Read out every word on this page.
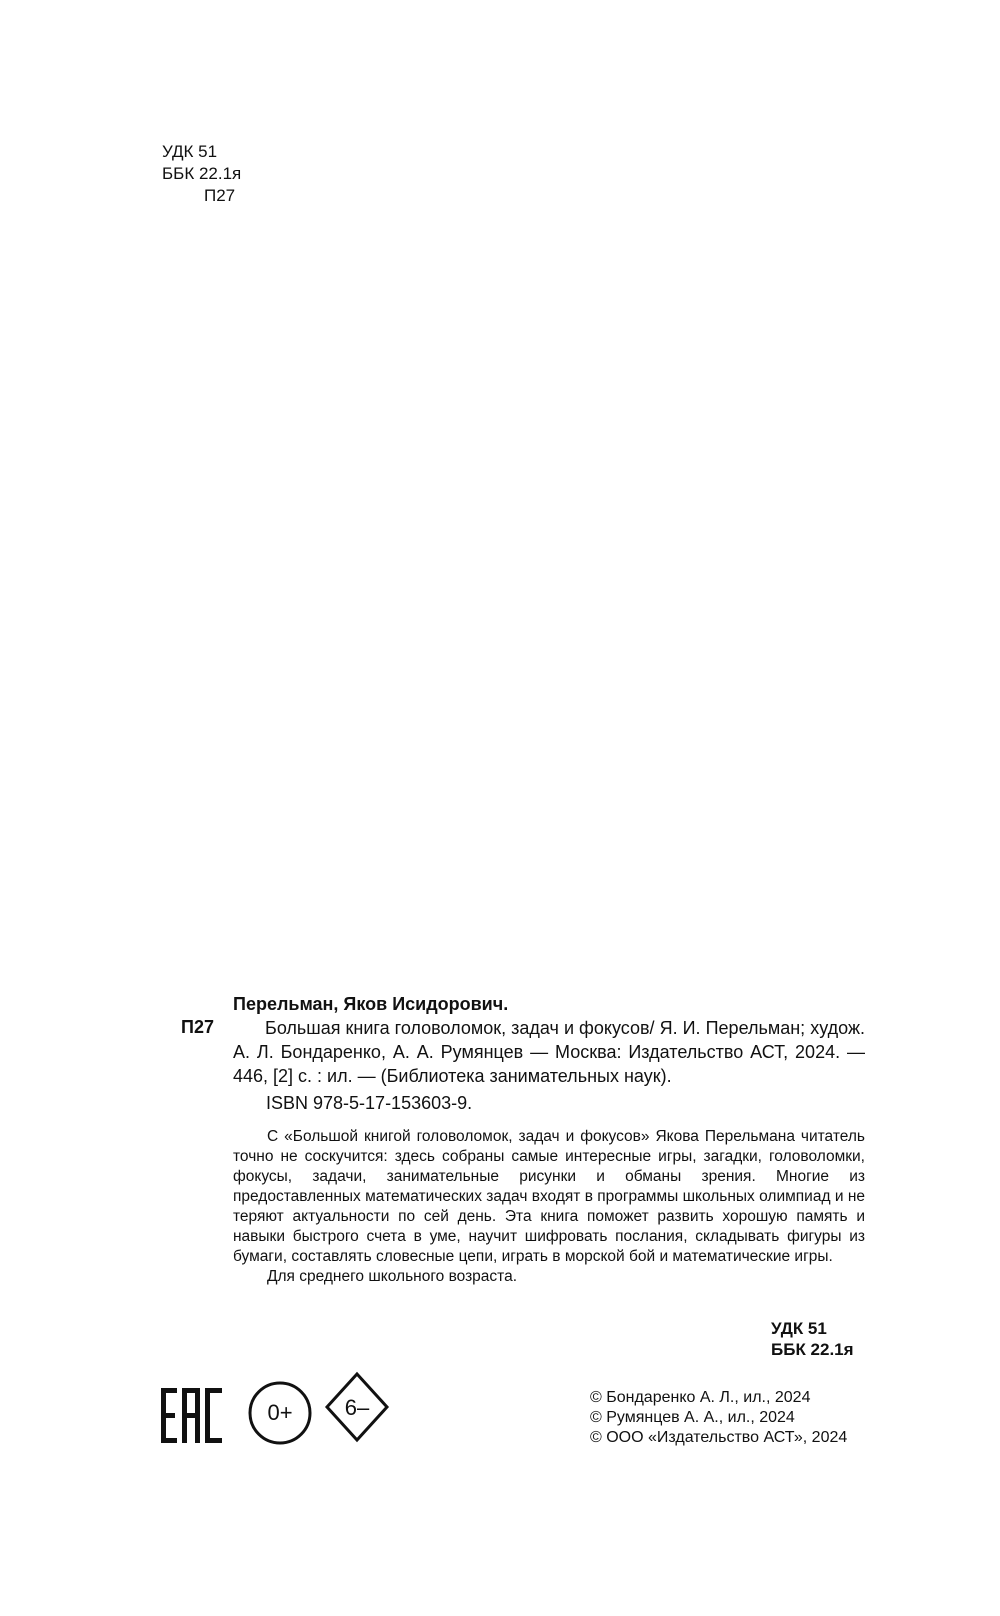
УДК 51
ББК 22.1я
П27
Перельман, Яков Исидорович.
П27	Большая книга головоломок, задач и фокусов/ Я. И. Перельман; худож. А. Л. Бондаренко, А. А. Румянцев — Москва: Издательство АСТ, 2024. — 446, [2] с. : ил. — (Библиотека занимательных наук).
ISBN 978-5-17-153603-9.

С «Большой книгой головоломок, задач и фокусов» Якова Перельмана читатель точно не соскучится: здесь собраны самые интересные игры, загадки, головоломки, фокусы, задачи, занимательные рисунки и обманы зрения. Многие из предоставленных математических задач входят в программы школьных олимпиад и не теряют актуальности по сей день. Эта книга поможет развить хорошую память и навыки быстрого счета в уме, научит шифровать послания, складывать фигуры из бумаги, составлять словесные цепи, играть в морской бой и математические игры.

Для среднего школьного возраста.

УДК 51
ББК 22.1я
0+ 6–	© Бондаренко А. Л., ил., 2024
© Румянцев А. А., ил., 2024
© ООО «Издательство АСТ», 2024
